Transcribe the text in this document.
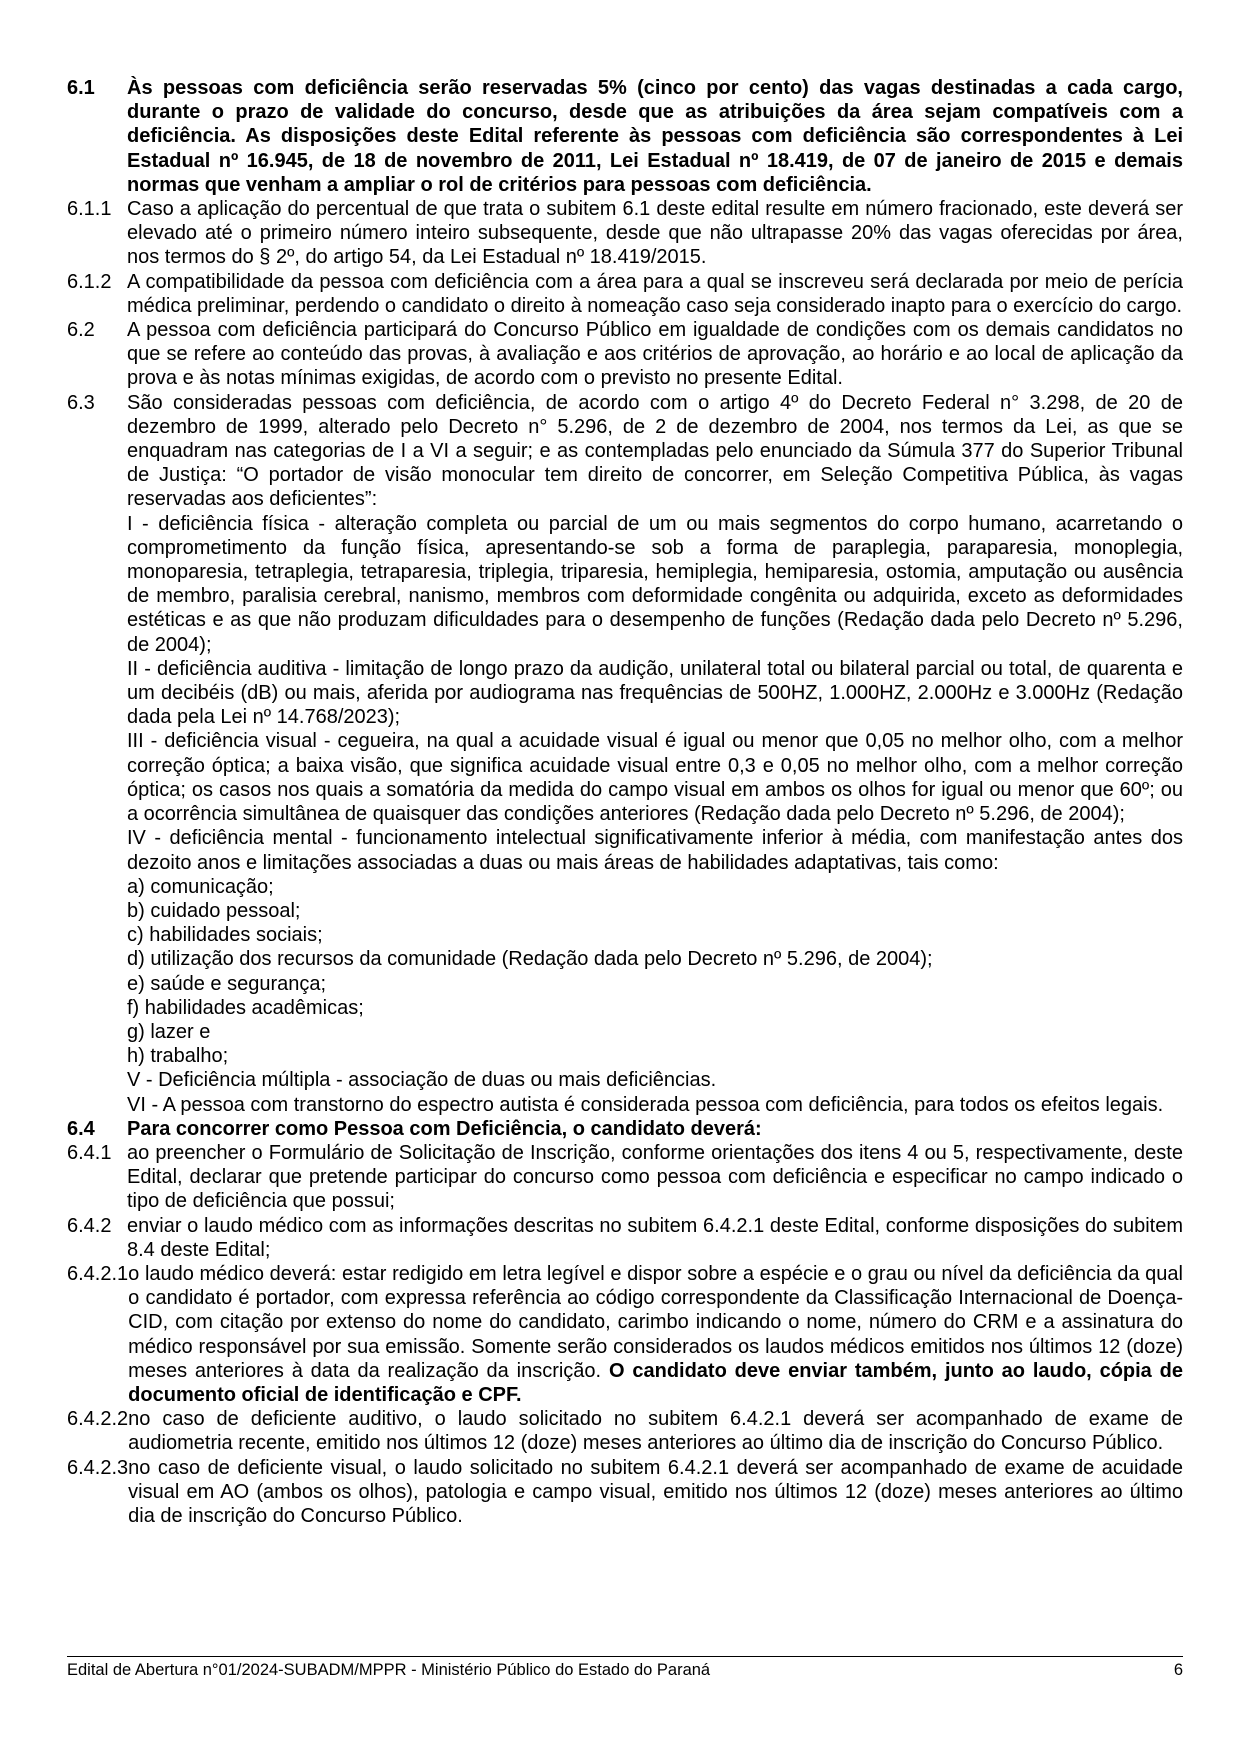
6.1	Às pessoas com deficiência serão reservadas 5% (cinco por cento) das vagas destinadas a cada cargo, durante o prazo de validade do concurso, desde que as atribuições da área sejam compatíveis com a deficiência. As disposições deste Edital referente às pessoas com deficiência são correspondentes à Lei Estadual nº 16.945, de 18 de novembro de 2011, Lei Estadual nº 18.419, de 07 de janeiro de 2015 e demais normas que venham a ampliar o rol de critérios para pessoas com deficiência.

6.1.1 Caso a aplicação do percentual de que trata o subitem 6.1 deste edital resulte em número fracionado, este deverá ser elevado até o primeiro número inteiro subsequente, desde que não ultrapasse 20% das vagas oferecidas por área, nos termos do § 2º, do artigo 54, da Lei Estadual nº 18.419/2015.

6.1.2 A compatibilidade da pessoa com deficiência com a área para a qual se inscreveu será declarada por meio de perícia médica preliminar, perdendo o candidato o direito à nomeação caso seja considerado inapto para o exercício do cargo.

6.2	A pessoa com deficiência participará do Concurso Público em igualdade de condições com os demais candidatos no que se refere ao conteúdo das provas, à avaliação e aos critérios de aprovação, ao horário e ao local de aplicação da prova e às notas mínimas exigidas, de acordo com o previsto no presente Edital.

6.3	São consideradas pessoas com deficiência, de acordo com o artigo 4º do Decreto Federal n° 3.298, de 20 de dezembro de 1999, alterado pelo Decreto n° 5.296, de 2 de dezembro de 2004, nos termos da Lei, as que se enquadram nas categorias de I a VI a seguir; e as contempladas pelo enunciado da Súmula 377 do Superior Tribunal de Justiça: “O portador de visão monocular tem direito de concorrer, em Seleção Competitiva Pública, às vagas reservadas aos deficientes”:

I - deficiência física - alteração completa ou parcial de um ou mais segmentos do corpo humano, acarretando o comprometimento da função física, apresentando-se sob a forma de paraplegia, paraparesia, monoplegia, monoparesia, tetraplegia, tetraparesia, triplegia, triparesia, hemiplegia, hemiparesia, ostomia, amputação ou ausência de membro, paralisia cerebral, nanismo, membros com deformidade congênita ou adquirida, exceto as deformidades estéticas e as que não produzam dificuldades para o desempenho de funções (Redação dada pelo Decreto nº 5.296, de 2004);

II - deficiência auditiva - limitação de longo prazo da audição, unilateral total ou bilateral parcial ou total, de quarenta e um decibéis (dB) ou mais, aferida por audiograma nas frequências de 500HZ, 1.000HZ, 2.000Hz e 3.000Hz (Redação dada pela Lei nº 14.768/2023);

III - deficiência visual - cegueira, na qual a acuidade visual é igual ou menor que 0,05 no melhor olho, com a melhor correção óptica; a baixa visão, que significa acuidade visual entre 0,3 e 0,05 no melhor olho, com a melhor correção óptica; os casos nos quais a somatória da medida do campo visual em ambos os olhos for igual ou menor que 60º; ou a ocorrência simultânea de quaisquer das condições anteriores (Redação dada pelo Decreto nº 5.296, de 2004);

IV - deficiência mental - funcionamento intelectual significativamente inferior à média, com manifestação antes dos dezoito anos e limitações associadas a duas ou mais áreas de habilidades adaptativas, tais como:

a) comunicação;

b) cuidado pessoal;

c) habilidades sociais;

d) utilização dos recursos da comunidade (Redação dada pelo Decreto nº 5.296, de 2004);

e) saúde e segurança;

f) habilidades acadêmicas;

g) lazer e

h) trabalho;

V - Deficiência múltipla - associação de duas ou mais deficiências.

VI - A pessoa com transtorno do espectro autista é considerada pessoa com deficiência, para todos os efeitos legais.

6.4	Para concorrer como Pessoa com Deficiência, o candidato deverá:

6.4.1 ao preencher o Formulário de Solicitação de Inscrição, conforme orientações dos itens 4 ou 5, respectivamente, deste Edital, declarar que pretende participar do concurso como pessoa com deficiência e especificar no campo indicado o tipo de deficiência que possui;

6.4.2 enviar o laudo médico com as informações descritas no subitem 6.4.2.1 deste Edital, conforme disposições do subitem 8.4 deste Edital;

6.4.2.1 o laudo médico deverá: estar redigido em letra legível e dispor sobre a espécie e o grau ou nível da deficiência da qual o candidato é portador, com expressa referência ao código correspondente da Classificação Internacional de Doença- CID, com citação por extenso do nome do candidato, carimbo indicando o nome, número do CRM e a assinatura do médico responsável por sua emissão. Somente serão considerados os laudos médicos emitidos nos últimos 12 (doze) meses anteriores à data da realização da inscrição. O candidato deve enviar também, junto ao laudo, cópia de documento oficial de identificação e CPF.

6.4.2.2 no caso de deficiente auditivo, o laudo solicitado no subitem 6.4.2.1 deverá ser acompanhado de exame de audiometria recente, emitido nos últimos 12 (doze) meses anteriores ao último dia de inscrição do Concurso Público.

6.4.2.3 no caso de deficiente visual, o laudo solicitado no subitem 6.4.2.1 deverá ser acompanhado de exame de acuidade visual em AO (ambos os olhos), patologia e campo visual, emitido nos últimos 12 (doze) meses anteriores ao último dia de inscrição do Concurso Público.

Edital de Abertura n°01/2024-SUBADM/MPPR - Ministério Público do Estado do Paraná	6
